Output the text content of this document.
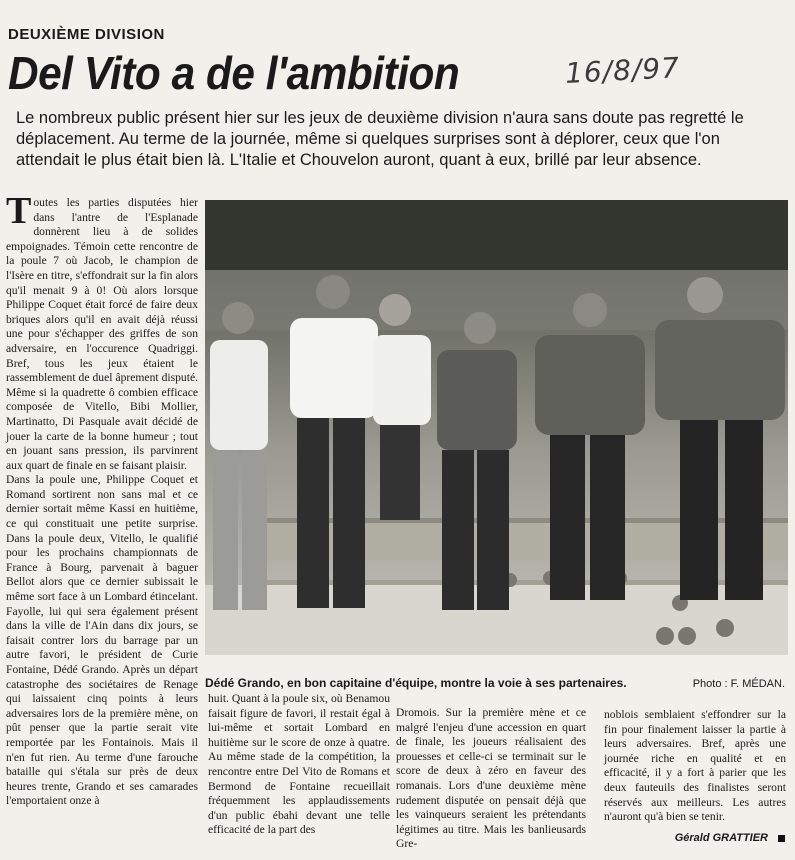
DEUXIÈME DIVISION
Del Vito a de l'ambition	16/8/97
Le nombreux public présent hier sur les jeux de deuxième division n'aura sans doute pas regretté le déplacement. Au terme de la journée, même si quelques surprises sont à déplorer, ceux que l'on attendait le plus était bien là. L'Italie et Chouvelon auront, quant à eux, brillé par leur absence.

Toutes les parties disputées hier dans l'antre de l'Esplanade donnèrent lieu à de solides empoignades. Témoin cette rencontre de la poule 7 où Jacob, le champion de l'Isère en titre, s'effondrait sur la fin alors qu'il menait 9 à 0! Où alors lorsque Philippe Coquet était forcé de faire deux briques alors qu'il en avait déjà réussi une pour s'échapper des griffes de son adversaire, en l'occurence Quadriggi. Bref, tous les jeux étaient le rassemblement de duel âprement disputé. Même si la quadrette ô combien efficace composée de Vitello, Bibi Mollier, Martinatto, Di Pasquale avait décidé de jouer la carte de la bonne humeur ; tout en jouant sans pression, ils parvinrent aux quart de finale en se faisant plaisir.

Dans la poule une, Philippe Coquet et Romand sortirent non sans mal et ce dernier sortait même Kassi en huitième, ce qui constituait une petite surprise. Dans la poule deux, Vitello, le qualifié pour les prochains championnats de France à Bourg, parvenait à baguer Bellot alors que ce dernier subissait le même sort face à un Lombard étincelant. Fayolle, lui qui sera également présent dans la ville de l'Ain dans dix jours, se faisait contrer lors du barrage par un autre favori, le président de Curie Fontaine, Dédé Grando. Après un départ catastrophe des sociétaires de Renage qui laissaient cinq points à leurs adversaires lors de la première mène, on pût penser que la partie serait vite remportée par les Fontainois. Mais il n'en fut rien. Au terme d'une farouche bataille qui s'étala sur près de deux heures trente, Grando et ses camarades l'emportaient onze à

Dédé Grando, en bon capitaine d'équipe, montre la voie à ses partenaires.	Photo : F. MÉDAN.

huit. Quant à la poule six, où Benamou faisait figure de favori, il restait égal à lui-même et sortait Lombard en huitième sur le score de onze à quatre. Au même stade de la compétition, la rencontre entre Del Vito de Romans et Bermond de Fontaine recueillait fréquemment les applaudissements d'un public ébahi devant une telle efficacité de la part des

Dromois. Sur la première mène et ce malgré l'enjeu d'une accession en quart de finale, les joueurs réalisaient des prouesses et celle-ci se terminait sur le score de deux à zéro en faveur des romanais. Lors d'une deuxième mène rudement disputée on pensait déjà que les vainqueurs seraient les prétendants légitimes au titre. Mais les banlieusards Gre-

noblois semblaient s'effondrer sur la fin pour finalement laisser la partie à leurs adversaires. Bref, après une journée riche en qualité et en efficacité, il y a fort à parier que les deux fauteuils des finalistes seront réservés aux meilleurs. Les autres n'auront qu'à bien se tenir.

Gérald GRATTIER
